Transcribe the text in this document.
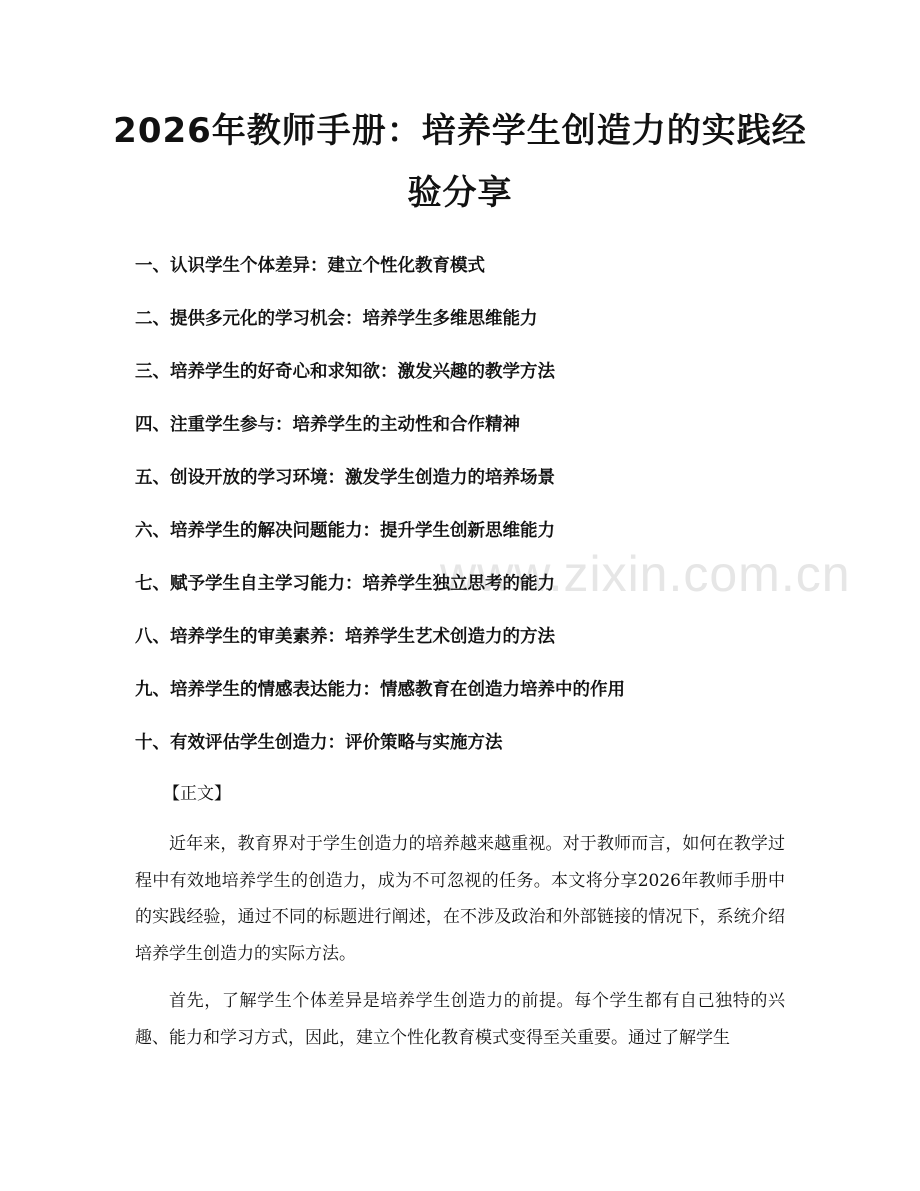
www.zixin.com.cn
2026年教师手册：培养学生创造力的实践经验分享
一、认识学生个体差异：建立个性化教育模式
二、提供多元化的学习机会：培养学生多维思维能力
三、培养学生的好奇心和求知欲：激发兴趣的教学方法
四、注重学生参与：培养学生的主动性和合作精神
五、创设开放的学习环境：激发学生创造力的培养场景
六、培养学生的解决问题能力：提升学生创新思维能力
七、赋予学生自主学习能力：培养学生独立思考的能力
八、培养学生的审美素养：培养学生艺术创造力的方法
九、培养学生的情感表达能力：情感教育在创造力培养中的作用
十、有效评估学生创造力：评价策略与实施方法
【正文】

近年来，教育界对于学生创造力的培养越来越重视。对于教师而言，如何在教学过程中有效地培养学生的创造力，成为不可忽视的任务。本文将分享2026年教师手册中的实践经验，通过不同的标题进行阐述，在不涉及政治和外部链接的情况下，系统介绍培养学生创造力的实际方法。

首先，了解学生个体差异是培养学生创造力的前提。每个学生都有自己独特的兴趣、能力和学习方式，因此，建立个性化教育模式变得至关重要。通过了解学生
